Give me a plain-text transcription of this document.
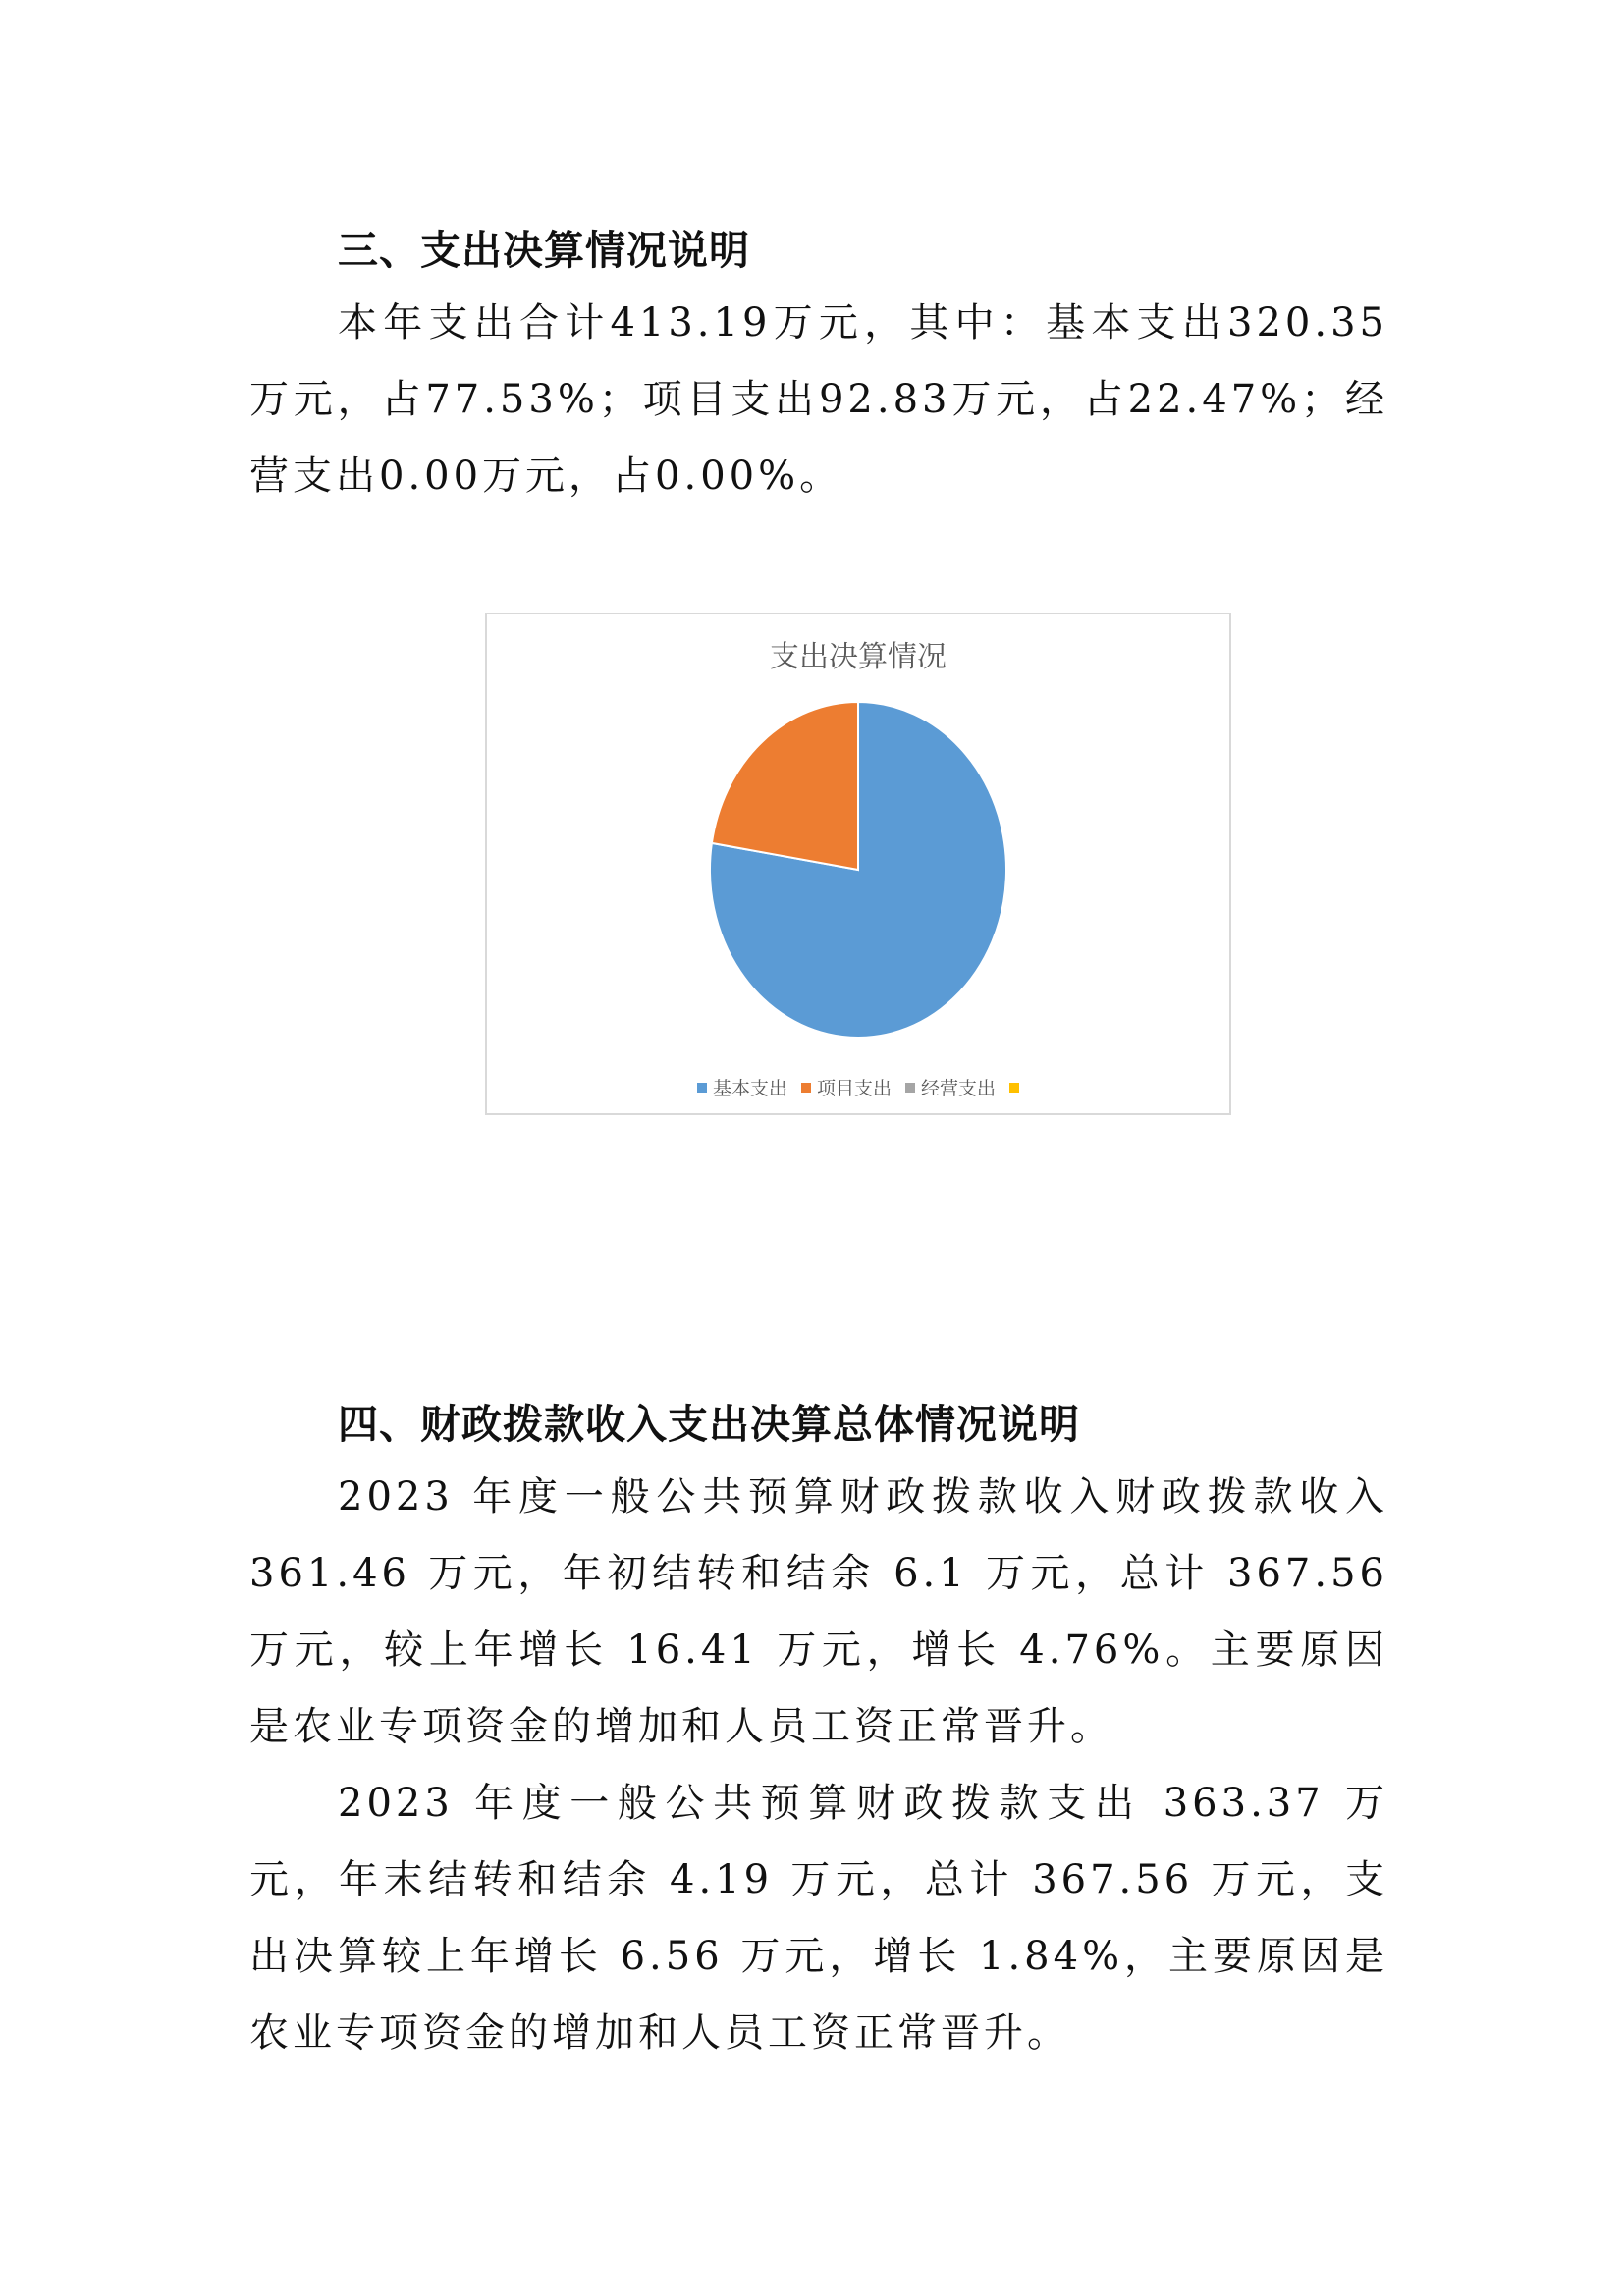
三、支出决算情况说明

本年支出合计413.19万元，其中：基本支出320.35万元，占77.53%；项目支出92.83万元，占22.47%；经营支出0.00万元，占0.00%。

支出决算情况
基本支出 项目支出 经营支出
四、财政拨款收入支出决算总体情况说明

2023 年度一般公共预算财政拨款收入财政拨款收入 361.46 万元，年初结转和结余 6.1 万元，总计 367.56 万元，较上年增长 16.41 万元，增长 4.76%。主要原因是农业专项资金的增加和人员工资正常晋升。

2023 年度一般公共预算财政拨款支出 363.37 万元，年末结转和结余 4.19 万元，总计 367.56 万元，支出决算较上年增长 6.56 万元，增长 1.84%，主要原因是农业专项资金的增加和人员工资正常晋升。
